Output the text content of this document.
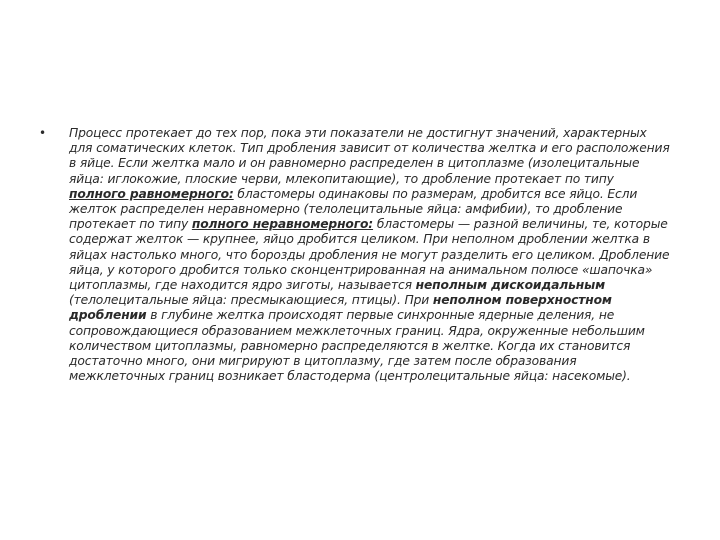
• Процесс протекает до тех пор, пока эти показатели не достигнут значений, характерных для соматических клеток. Тип дробления зависит от количества желтка и его расположения в яйце. Если желтка мало и он равномерно распределен в цитоплазме (изолецитальные яйца: иглокожие, плоские черви, млекопитающие), то дробление протекает по типу полного равномерного: бластомеры одинаковы по размерам, дробится все яйцо. Если желток распределен неравномерно (телолецитальные яйца: амфибии), то дробление протекает по типу полного неравномерного: бластомеры — разной величины, те, которые содержат желток — крупнее, яйцо дробится целиком. При неполном дроблении желтка в яйцах настолько много, что борозды дробления не могут разделить его целиком. Дробление яйца, у которого дробится только сконцентрированная на анимальном полюсе «шапочка» цитоплазмы, где находится ядро зиготы, называется неполным дискоидальным (телолецитальные яйца: пресмыкающиеся, птицы). При неполном поверхностном дроблении в глубине желтка происходят первые синхронные ядерные деления, не сопровождающиеся образованием межклеточных границ. Ядра, окруженные небольшим количеством цитоплазмы, равномерно распределяются в желтке. Когда их становится достаточно много, они мигрируют в цитоплазму, где затем после образования межклеточных границ возникает бластодерма (центролецитальные яйца: насекомые).
